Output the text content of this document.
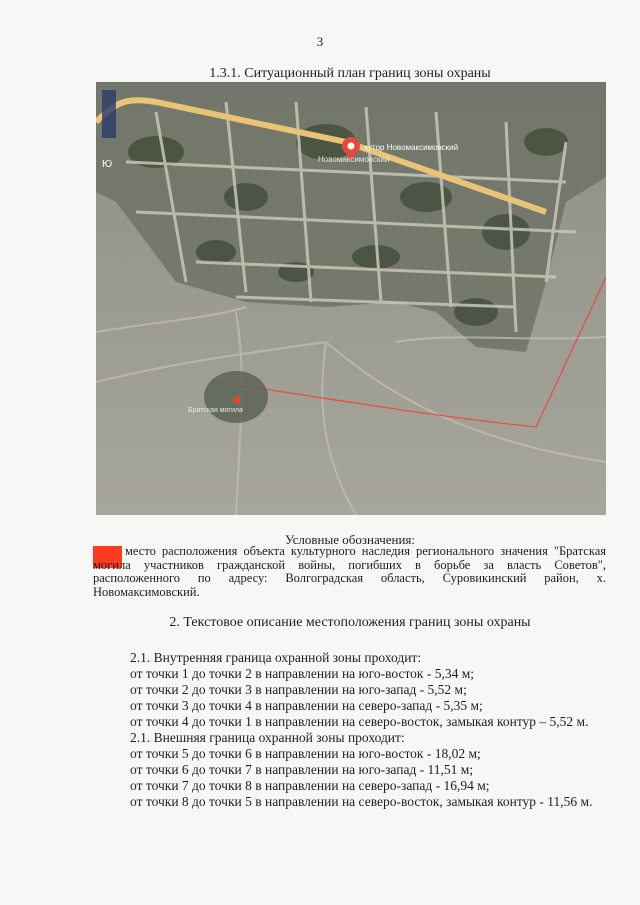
3
1.3.1. Ситуационный план границ зоны охраны
Ю
хутор Новомаксимовский
Новомаксимовский
Братская могила
Условные обозначения:
место расположения объекта культурного наследия регионального значения "Братская могила участников гражданской войны, погибших в борьбе за власть Советов", расположенного по адресу: Волгоградская область, Суровикинский район, х. Новомаксимовский.
2. Текстовое описание местоположения границ зоны охраны

2.1. Внутренняя граница охранной зоны проходит:

от точки 1 до точки 2 в направлении на юго-восток - 5,34 м;

от точки 2 до точки 3 в направлении на юго-запад - 5,52 м;

от точки 3 до точки 4 в направлении на северо-запад - 5,35 м;

от точки 4 до точки 1 в направлении на северо-восток, замыкая контур – 5,52 м.

2.1. Внешняя граница охранной зоны проходит:

от точки 5 до точки 6 в направлении на юго-восток - 18,02 м;

от точки 6 до точки 7 в направлении на юго-запад - 11,51 м;

от точки 7 до точки 8 в направлении на северо-запад - 16,94 м;

от точки 8 до точки 5 в направлении на северо-восток, замыкая контур - 11,56 м.
